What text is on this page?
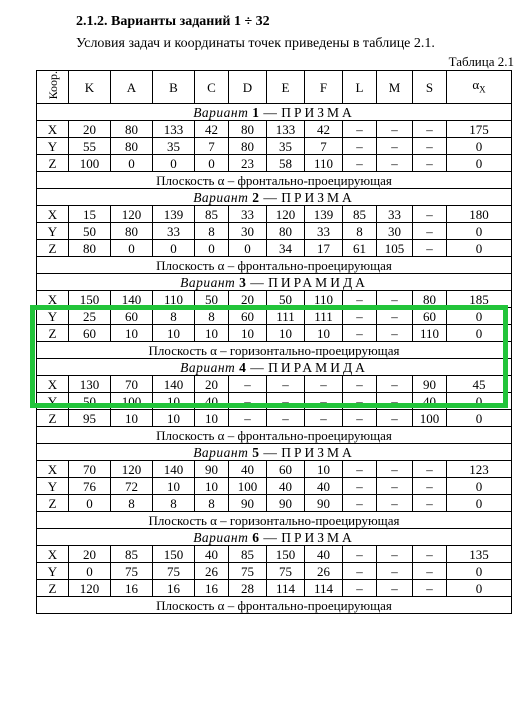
2.1.2. Варианты заданий 1 ÷ 32
Условия задач и координаты точек приведены в таблице 2.1.
Таблица 2.1
Коор.	K	A	B	C	D	E	F	L	M	S	$\alpha_X$
Вариант 1 — ПРИЗМА											
X	20	80	133	42	80	133	42	–	–	–	175
Y	55	80	35	7	80	35	7	–	–	–	0
Z	100	0	0	0	23	58	110	–	–	–	0
Плоскость α – фронтально-проецирующая											
Вариант 2 — ПРИЗМА											
X	15	120	139	85	33	120	139	85	33	–	180
Y	50	80	33	8	30	80	33	8	30	–	0
Z	80	0	0	0	0	34	17	61	105	–	0
Плоскость α – фронтально-проецирующая											
Вариант 3 — ПИРАМИДА											
X	150	140	110	50	20	50	110	–	–	80	185
Y	25	60	8	8	60	111	111	–	–	60	0
Z	60	10	10	10	10	10	10	–	–	110	0
Плоскость α – горизонтально-проецирующая											
Вариант 4 — ПИРАМИДА											
X	130	70	140	20	–	–	–	–	–	90	45
Y	50	100	10	40	–	–	–	–	–	40	0
Z	95	10	10	10	–	–	–	–	–	100	0
Плоскость α – фронтально-проецирующая											
Вариант 5 — ПРИЗМА											
X	70	120	140	90	40	60	10	–	–	–	123
Y	76	72	10	10	100	40	40	–	–	–	0
Z	0	8	8	8	90	90	90	–	–	–	0
Плоскость α – горизонтально-проецирующая											
Вариант 6 — ПРИЗМА											
X	20	85	150	40	85	150	40	–	–	–	135
Y	0	75	75	26	75	75	26	–	–	–	0
Z	120	16	16	16	28	114	114	–	–	–	0
Плоскость α – фронтально-проецирующая											
